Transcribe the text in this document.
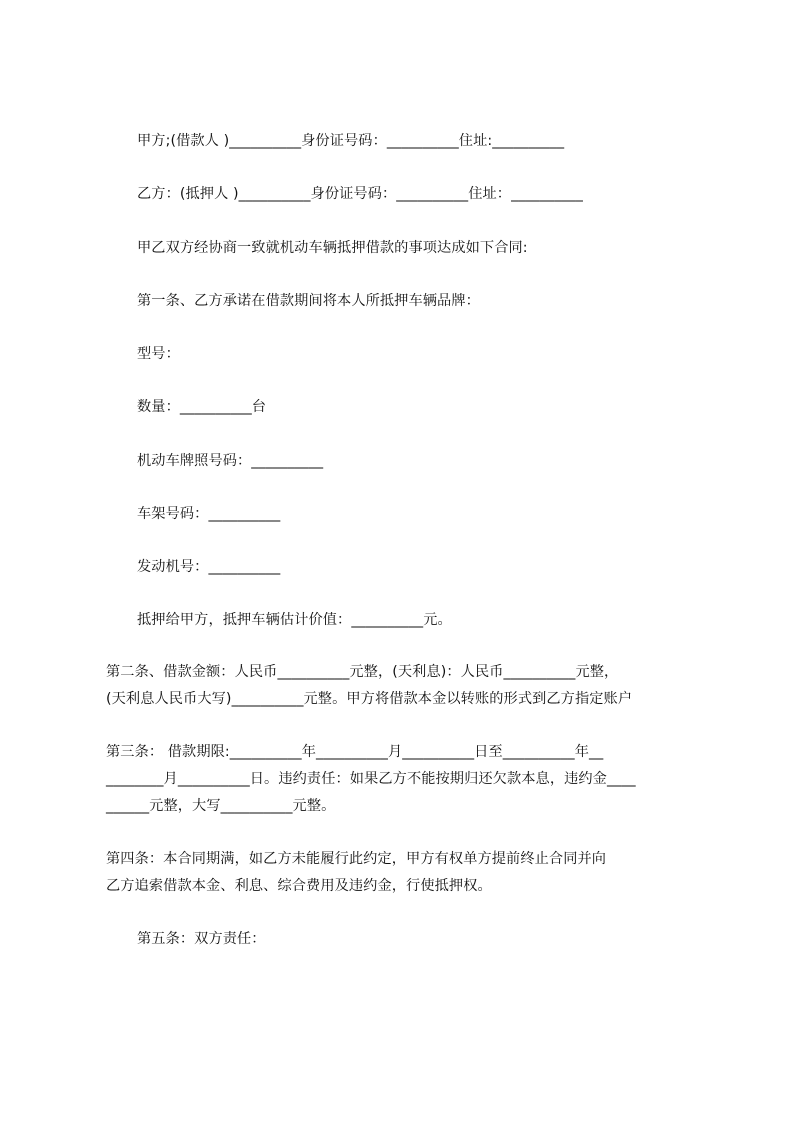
甲方;(借款人 )__________身份证号码：__________住址:__________
乙方：(抵押人 )__________身份证号码：__________住址：__________
甲乙双方经协商一致就机动车辆抵押借款的事项达成如下合同:
第一条、乙方承诺在借款期间将本人所抵押车辆品牌：
型号：
数量：__________台
机动车牌照号码：__________
车架号码：__________
发动机号：__________
抵押给甲方，抵押车辆估计价值：__________元。
第二条、借款金额：人民币__________元整，(天利息)：人民币__________元整，
(天利息人民币大写)__________元整。甲方将借款本金以转账的形式到乙方指定账户
第三条： 借款期限:__________年__________月__________日至__________年__
________月__________日。违约责任：如果乙方不能按期归还欠款本息，违约金____
______元整，大写__________元整。
第四条：本合同期满，如乙方未能履行此约定，甲方有权单方提前终止合同并向
乙方追索借款本金、利息、综合费用及违约金，行使抵押权。
第五条：双方责任：
